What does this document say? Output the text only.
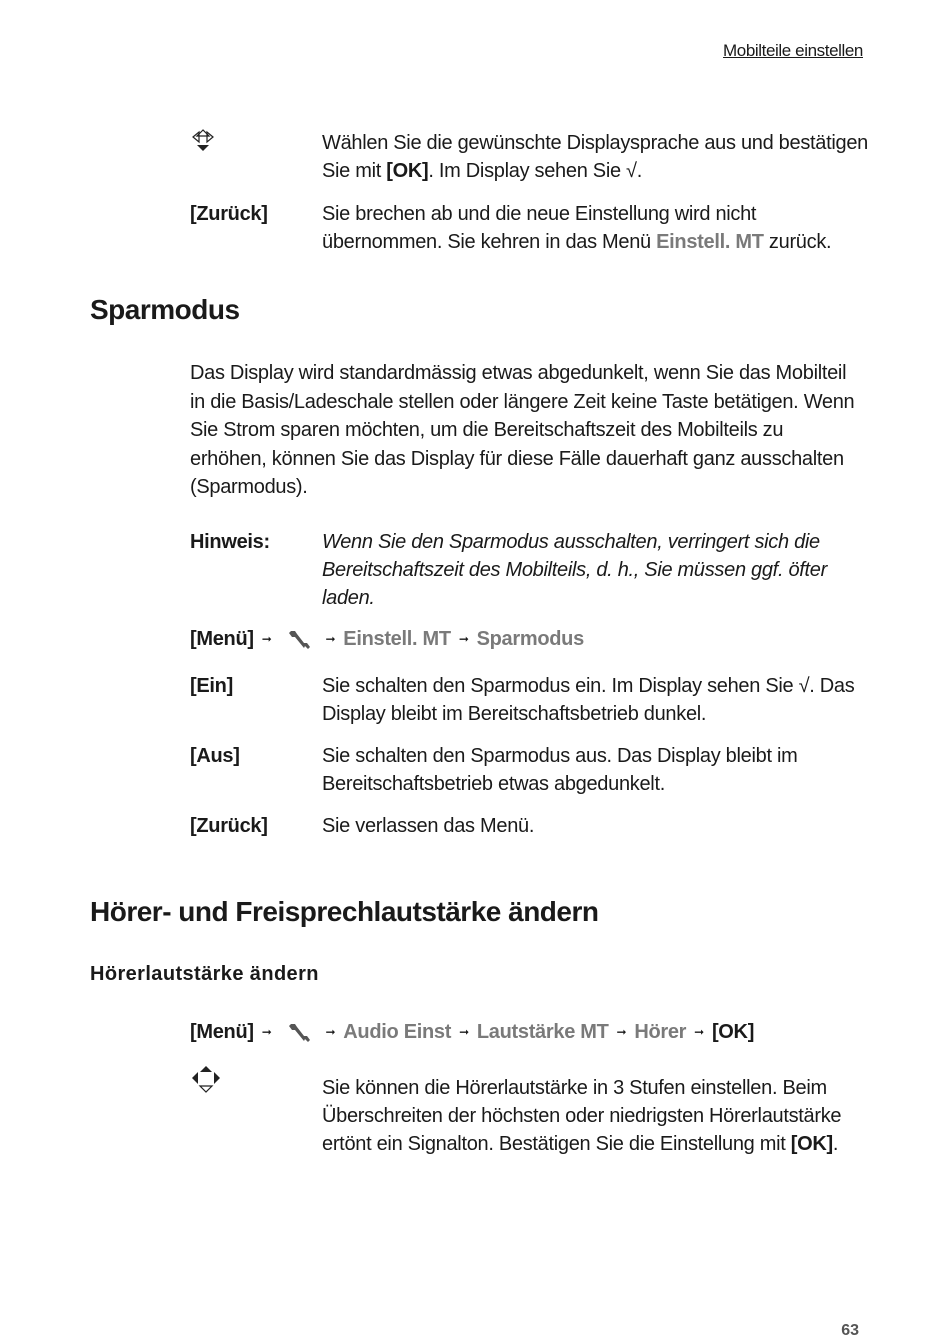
Mobilteile einstellen
Wählen Sie die gewünschte Displaysprache aus und bestätigen Sie mit [OK]. Im Display sehen Sie √.
[Zurück]	Sie brechen ab und die neue Einstellung wird nicht übernommen. Sie kehren in das Menü Einstell. MT zurück.
Sparmodus
Das Display wird standardmässig etwas abgedunkelt, wenn Sie das Mobilteil in die Basis/Ladeschale stellen oder längere Zeit keine Taste betätigen. Wenn Sie Strom sparen möchten, um die Bereitschaftszeit des Mobilteils zu erhöhen, können Sie das Display für diese Fälle dauerhaft ganz ausschalten (Sparmodus).
Hinweis:	Wenn Sie den Sparmodus ausschalten, verringert sich die Bereitschaftszeit des Mobilteils, d. h., Sie müssen ggf. öfter laden.
[Menü] ➞	➞ Einstell. MT ➞ Sparmodus
[Ein]	Sie schalten den Sparmodus ein. Im Display sehen Sie √. Das Display bleibt im Bereitschaftsbetrieb dunkel.
[Aus]	Sie schalten den Sparmodus aus. Das Display bleibt im Bereitschaftsbetrieb etwas abgedunkelt.
[Zurück]	Sie verlassen das Menü.
Hörer- und Freisprechlautstärke ändern
Hörerlautstärke ändern
[Menü] ➞	➞ Audio Einst ➞ Lautstärke MT ➞ Hörer ➞ [OK]
Sie können die Hörerlautstärke in 3 Stufen einstellen. Beim Überschreiten der höchsten oder niedrigsten Hörerlautstärke ertönt ein Signalton. Bestätigen Sie die Einstellung mit [OK].
63
